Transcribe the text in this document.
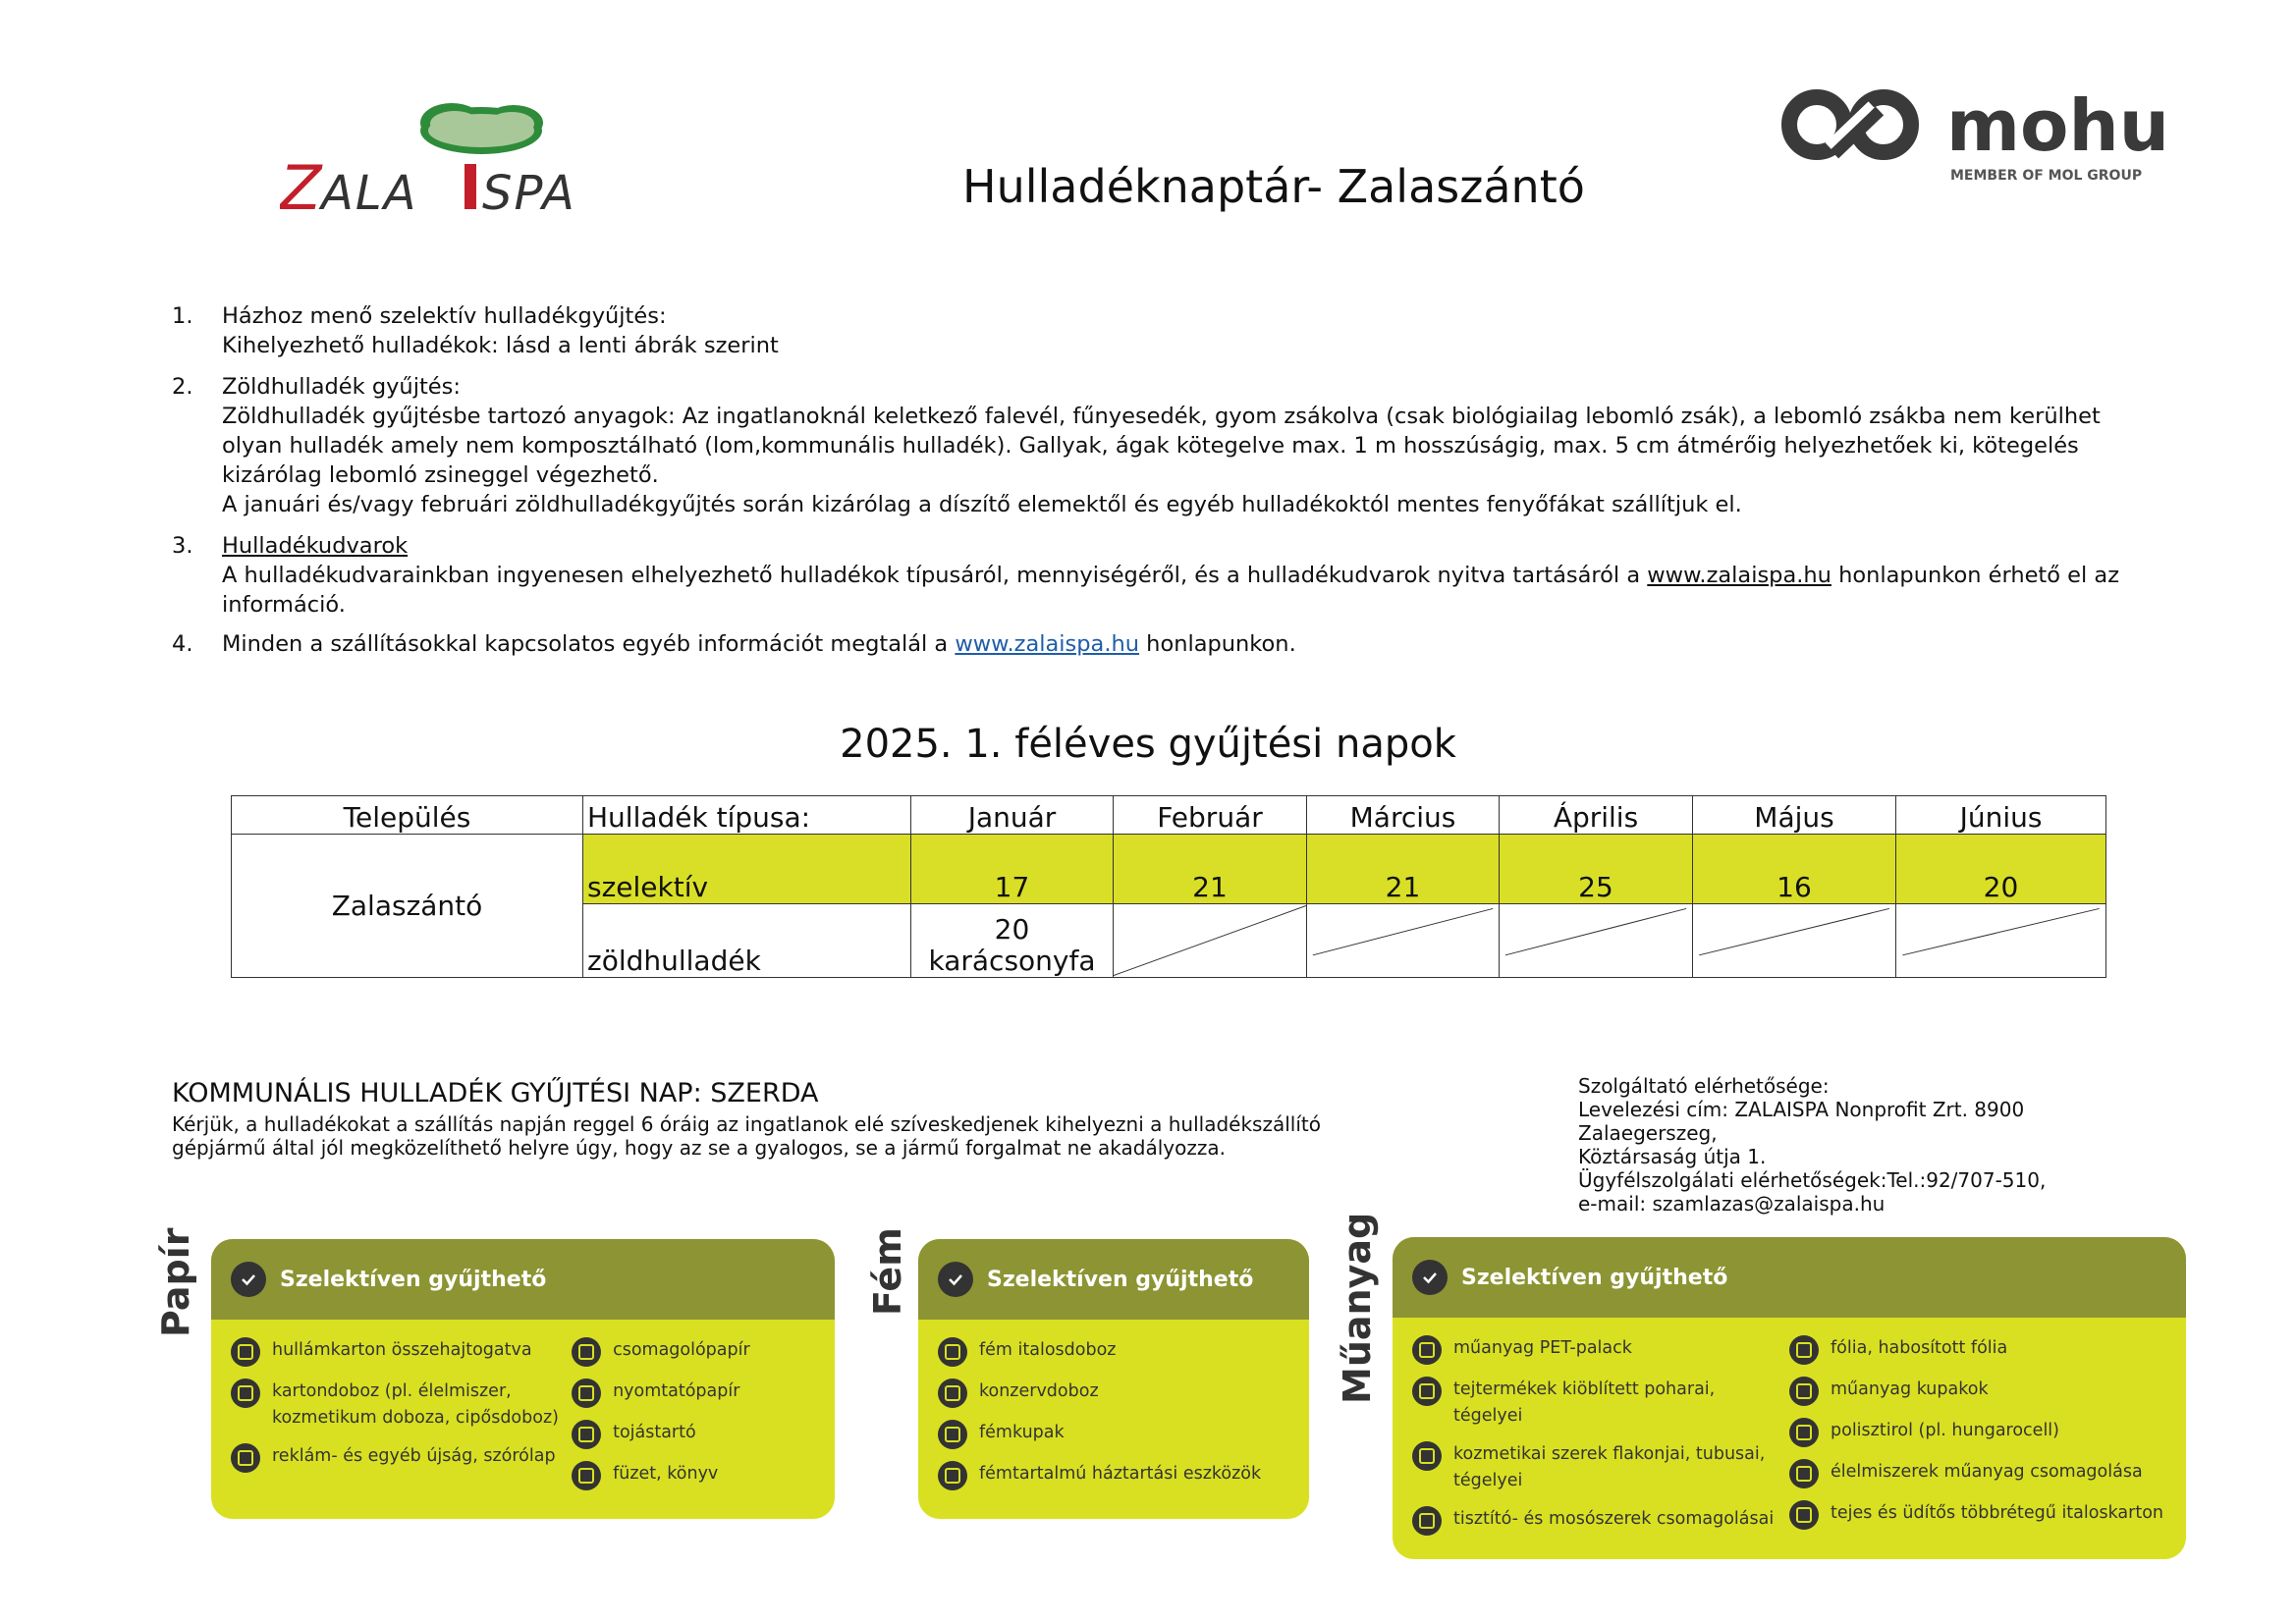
Z ALA SPA	Hulladéknaptár- Zalaszántó
mohu
MEMBER OF MOL GROUP
1.	Házhoz menő szelektív hulladékgyűjtés:
Kihelyezhető hulladékok: lásd a lenti ábrák szerint
2.	Zöldhulladék gyűjtés:
Zöldhulladék gyűjtésbe tartozó anyagok: Az ingatlanoknál keletkező falevél, fűnyesedék, gyom zsákolva (csak biológiailag lebomló zsák), a lebomló zsákba nem kerülhet olyan hulladék amely nem komposztálható (lom,kommunális hulladék). Gallyak, ágak kötegelve max. 1 m hosszúságig, max. 5 cm átmérőig helyezhetőek ki, kötegelés kizárólag lebomló zsineggel végezhető.
A januári és/vagy februári zöldhulladékgyűjtés során kizárólag a díszítő elemektől és egyéb hulladékoktól mentes fenyőfákat szállítjuk el.
3.	Hulladékudvarok
A hulladékudvarainkban ingyenesen elhelyezhető hulladékok típusáról, mennyiségéről, és a hulladékudvarok nyitva tartásáról a www.zalaispa.hu honlapunkon érhető el az információ.
4.	Minden a szállításokkal kapcsolatos egyéb információt megtalál a www.zalaispa.hu honlapunkon.
2025. 1. féléves gyűjtési napok
Település	Hulladék típusa:	Január	Február	Március	Április	Május	Június
Zalaszántó	szelektív	17	21	21	25	16	20
	zöldhulladék	20
karácsonyfa

KOMMUNÁLIS HULLADÉK GYŰJTÉSI NAP: SZERDA
Kérjük, a hulladékokat a szállítás napján reggel 6 óráig az ingatlanok elé szíveskedjenek kihelyezni a hulladékszállító gépjármű által jól megközelíthető helyre úgy, hogy az se a gyalogos, se a jármű forgalmat ne akadályozza.
Szolgáltató elérhetősége:
Levelezési cím: ZALAISPA Nonprofit Zrt. 8900
Zalaegerszeg,
Köztársaság útja 1.
Ügyfélszolgálati elérhetőségek:Tel.:92/707-510,
e-mail: szamlazas@zalaispa.hu
Papír	Szelektíven gyűjthető
hullámkarton összehajtogatva
kartondoboz (pl. élelmiszer, kozmetikum doboza, cipősdoboz)
reklám- és egyéb újság, szórólap
csomagolópapír
nyomtatópapír
tojástartó
füzet, könyv
Fém	Szelektíven gyűjthető
fém italosdoboz
konzervdoboz
fémkupak
fémtartalmú háztartási eszközök
Műanyag	Szelektíven gyűjthető
műanyag PET-palack
tejtermékek kiöblített poharai, tégelyei
kozmetikai szerek flakonjai, tubusai, tégelyei
tisztító- és mosószerek csomagolásai
fólia, habosított fólia
műanyag kupakok
polisztirol (pl. hungarocell)
élelmiszerek műanyag csomagolása
tejes és üdítős többrétegű italoskarton
